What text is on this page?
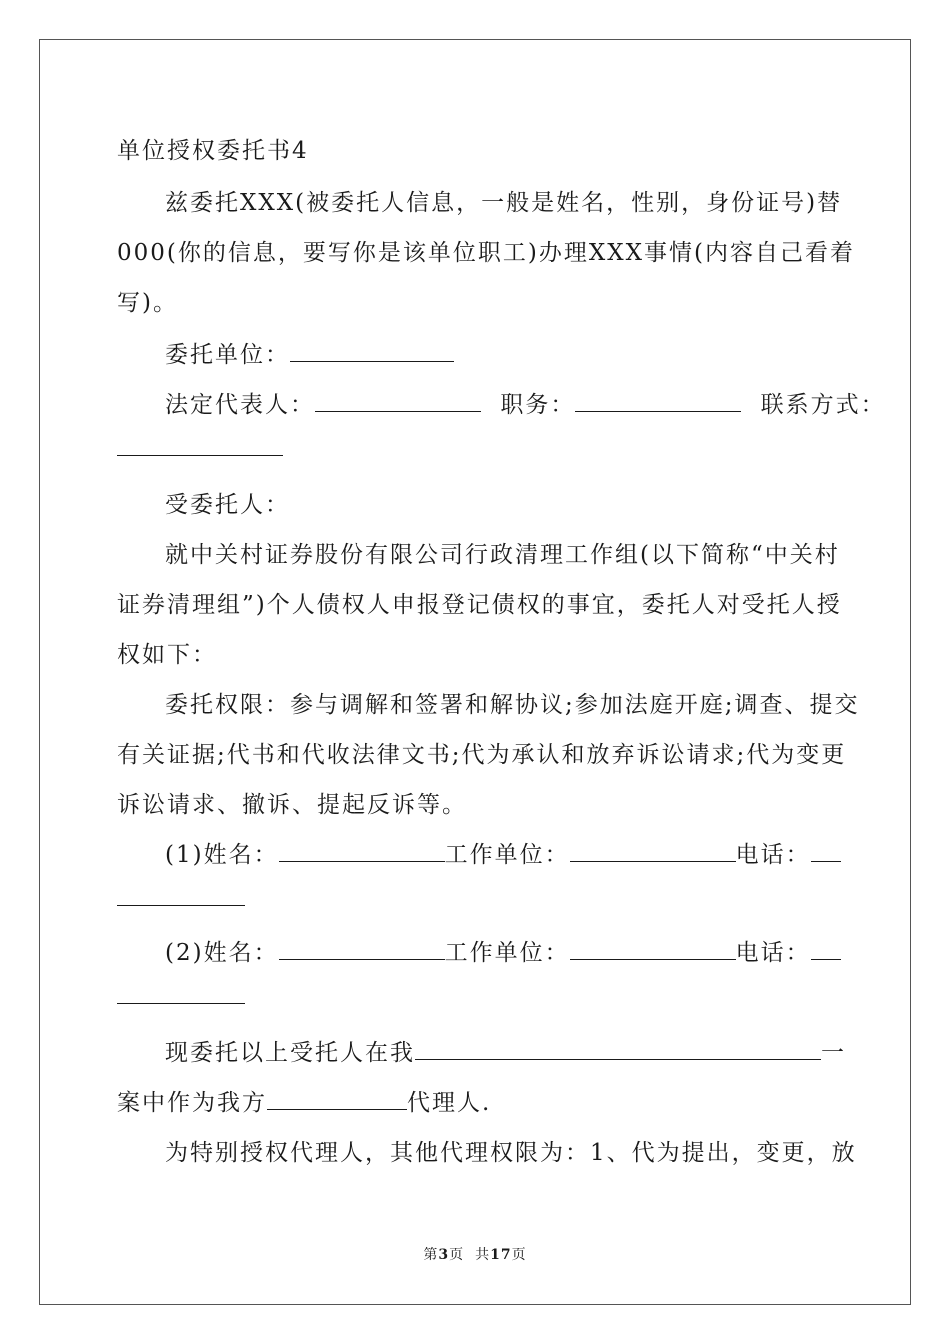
单位授权委托书4
兹委托XXX(被委托人信息，一般是姓名，性别，身份证号)替
000(你的信息，要写你是该单位职工)办理XXX事情(内容自己看着
写)。
委托单位：
法定代表人：	职务：	联系方式：
受委托人：
就中关村证券股份有限公司行政清理工作组(以下简称“中关村
证券清理组”)个人债权人申报登记债权的事宜，委托人对受托人授
权如下：
委托权限：参与调解和签署和解协议;参加法庭开庭;调查、提交
有关证据;代书和代收法律文书;代为承认和放弃诉讼请求;代为变更
诉讼请求、撤诉、提起反诉等。
(1)姓名：	工作单位：	电话：
(2)姓名：	工作单位：	电话：
现委托以上受托人在我	一
案中作为我方	代理人.
为特别授权代理人，其他代理权限为：1、代为提出，变更，放
第3页  共17页
